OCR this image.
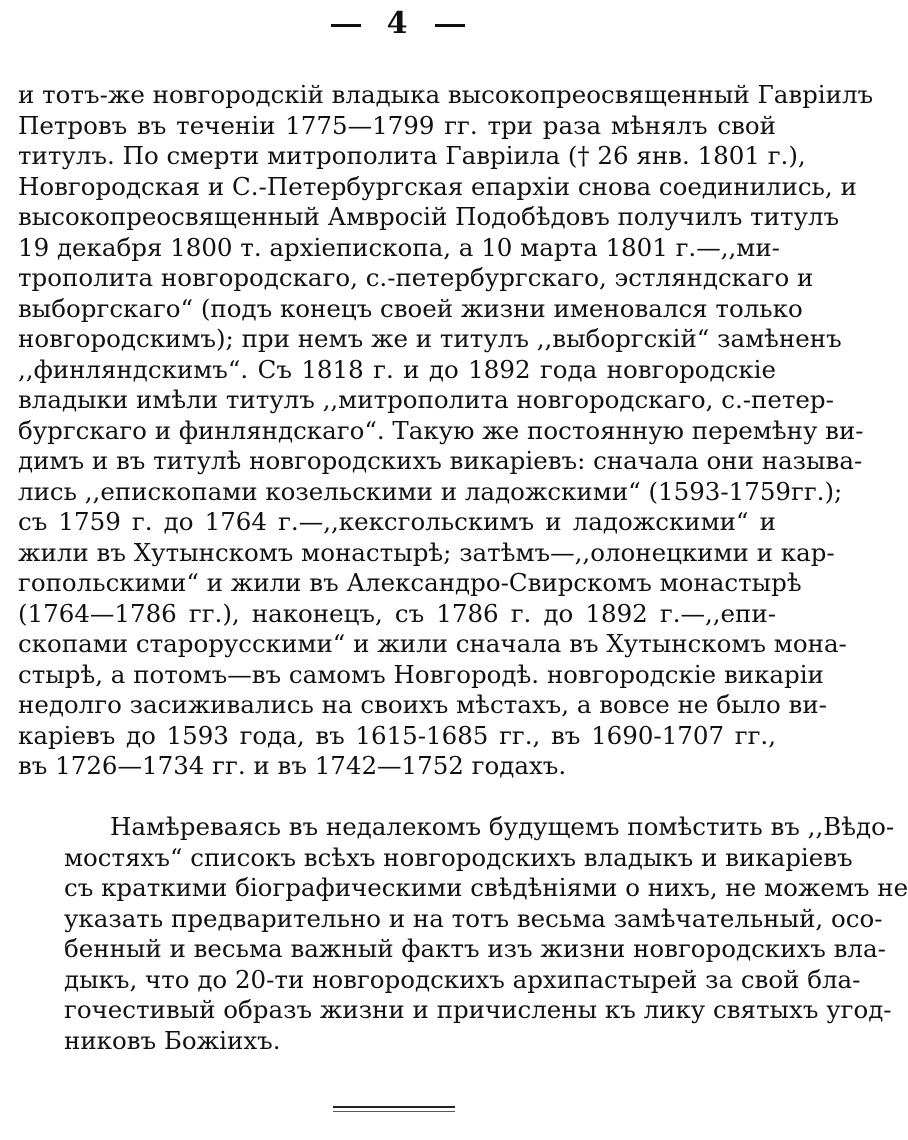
4
и тотъ-же новгородскій владыка высокопреосвященный Гавріилъ
Петровъ въ теченіи 1775—1799 гг. три раза мѣнялъ свой
титулъ. По смерти митрополита Гавріила († 26 янв. 1801 г.),
Новгородская и С.-Петербургская епархіи снова соединились, и
высокопреосвященный Амвросій Подобѣдовъ получилъ титулъ
19 декабря 1800 т. архіепископа, а 10 марта 1801 г.—,,ми-
трополита новгородскаго, с.-петербургскаго, эстляндскаго и
выборгскаго“ (подъ конецъ своей жизни именовался только
новгородскимъ); при немъ же и титулъ ,,выборгскій“ замѣненъ
,,финляндскимъ“. Съ 1818 г. и до 1892 года новгородскіе
владыки имѣли титулъ ,,митрополита новгородскаго, с.-петер-
бургскаго и финляндскаго“. Такую же постоянную перемѣну ви-
димъ и въ титулѣ новгородскихъ викаріевъ: сначала они называ-
лись ,,епископами козельскими и ладожскими“ (1593-1759гг.);
съ 1759 г. до 1764 г.—,,кексгольскимъ и ладожскими“ и
жили въ Хутынскомъ монастырѣ; затѣмъ—,,олонецкими и кар-
гопольскими“ и жили въ Александро-Свирскомъ монастырѣ
(1764—1786 гг.), наконецъ, съ 1786 г. до 1892 г.—,,епи-
скопами старорусскими“ и жили сначала въ Хутынскомъ мона-
стырѣ, а потомъ—въ самомъ Новгородѣ. новгородскіе викаріи
недолго засиживались на своихъ мѣстахъ, а вовсе не было ви-
каріевъ до 1593 года, въ 1615-1685 гг., въ 1690-1707 гг.,
въ 1726—1734 гг. и въ 1742—1752 годахъ.
Намѣреваясь въ недалекомъ будущемъ помѣстить въ ,,Вѣдо-
мостяхъ“ списокъ всѣхъ новгородскихъ владыкъ и викаріевъ
съ краткими біографическими свѣдѣніями о нихъ, не можемъ не
указать предварительно и на тотъ весьма замѣчательный, осо-
бенный и весьма важный фактъ изъ жизни новгородскихъ вла-
дыкъ, что до 20-ти новгородскихъ архипастырей за свой бла-
гочестивый образъ жизни и причислены къ лику святыхъ угод-
никовъ Божіихъ.
